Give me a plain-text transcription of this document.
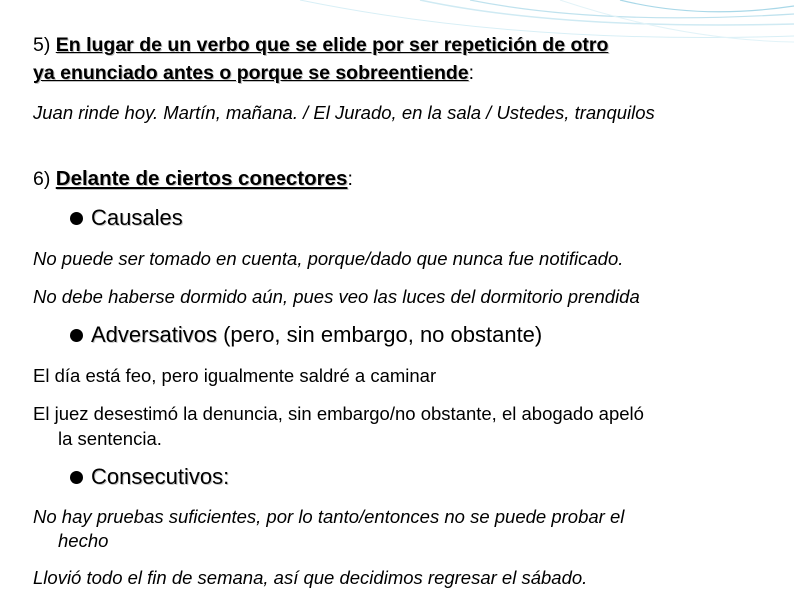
5) En lugar de un verbo que se elide por ser repetición de otro
ya enunciado antes o porque se sobreentiende:
Juan rinde hoy. Martín, mañana. / El Jurado, en la sala / Ustedes, tranquilos
6) Delante de ciertos conectores:
Causales
No puede ser tomado en cuenta, porque/dado que nunca fue notificado.
No debe haberse dormido aún, pues veo las luces del dormitorio prendida
Adversativos (pero, sin embargo, no obstante)
El día está feo, pero igualmente saldré a caminar
El juez desestimó la denuncia, sin embargo/no obstante, el abogado apeló
la sentencia.
Consecutivos:
No hay pruebas suficientes, por lo tanto/entonces no se puede probar el
hecho
Llovió todo el fin de semana, así que decidimos regresar el sábado.
